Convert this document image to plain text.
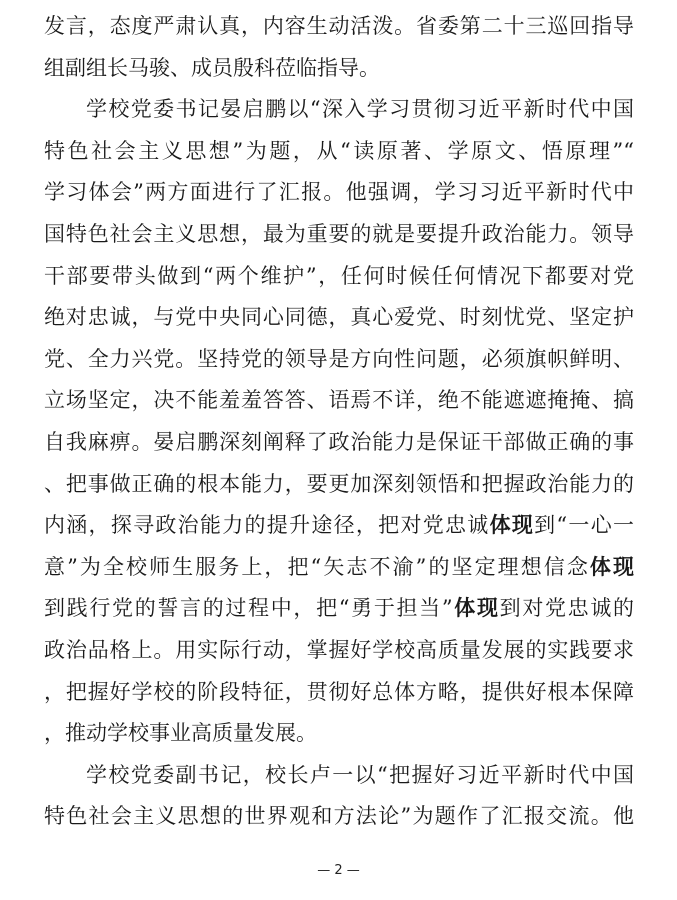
发言，态度严肃认真，内容生动活泼。省委第二十三巡回指导
组副组长马骏、成员殷科莅临指导。
学校党委书记晏启鹏以“深入学习贯彻习近平新时代中国
特色社会主义思想”为题，从“读原著、学原文、悟原理”“
学习体会”两方面进行了汇报。他强调，学习习近平新时代中
国特色社会主义思想，最为重要的就是要提升政治能力。领导
干部要带头做到“两个维护”，任何时候任何情况下都要对党
绝对忠诚，与党中央同心同德，真心爱党、时刻忧党、坚定护
党、全力兴党。坚持党的领导是方向性问题，必须旗帜鲜明、
立场坚定，决不能羞羞答答、语焉不详，绝不能遮遮掩掩、搞
自我麻痹。晏启鹏深刻阐释了政治能力是保证干部做正确的事
、把事做正确的根本能力，要更加深刻领悟和把握政治能力的
内涵，探寻政治能力的提升途径，把对党忠诚体现到“一心一
意”为全校师生服务上，把“矢志不渝”的坚定理想信念体现
到践行党的誓言的过程中，把“勇于担当”体现到对党忠诚的
政治品格上。用实际行动，掌握好学校高质量发展的实践要求
，把握好学校的阶段特征，贯彻好总体方略，提供好根本保障
，推动学校事业高质量发展。
学校党委副书记，校长卢一以“把握好习近平新时代中国
特色社会主义思想的世界观和方法论”为题作了汇报交流。他
— 2 —
